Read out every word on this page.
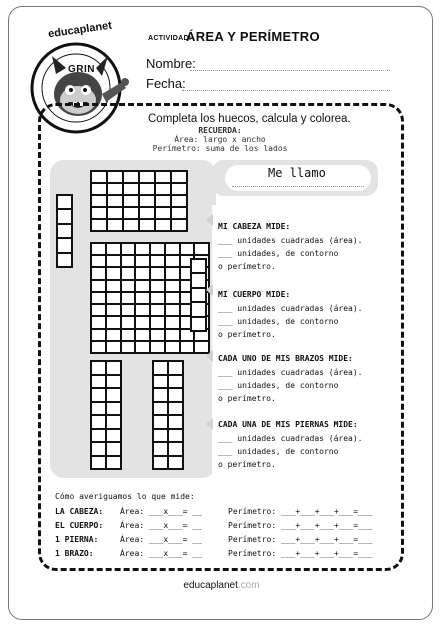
educaplanet
GRIN
ACTIVIDAD:
ÁREA Y PERÍMETRO
Nombre:
Fecha:
Completa los huecos, calcula y colorea.
RECUERDA:
Área: largo x ancho
Perímetro: suma de los lados
Me llamo
MI CABEZA MIDE:
___ unidades cuadradas (área).
___ unidades, de contorno
o perímetro.
MI CUERPO MIDE:
___ unidades cuadradas (área).
___ unidades, de contorno
o perímetro.
CADA UNO DE MIS BRAZOS MIDE:
___ unidades cuadradas (área).
___ unidades, de contorno
o perímetro.
CADA UNA DE MIS PIERNAS MIDE:
___ unidades cuadradas (área).
___ unidades, de contorno
o perímetro.
Cómo averiguamos lo que mide:
LA CABEZA: Área: ___x___= __	Perímetro: ___+___+___+___=___
EL CUERPO: Área: ___x___= __	Perímetro: ___+___+___+___=___
1 PIERNA:	Área: ___x___= __	Perímetro: ___+___+___+___=___
1 BRAZO:	Área: ___x___= __	Perímetro: ___+___+___+___=___
educaplanet.com
